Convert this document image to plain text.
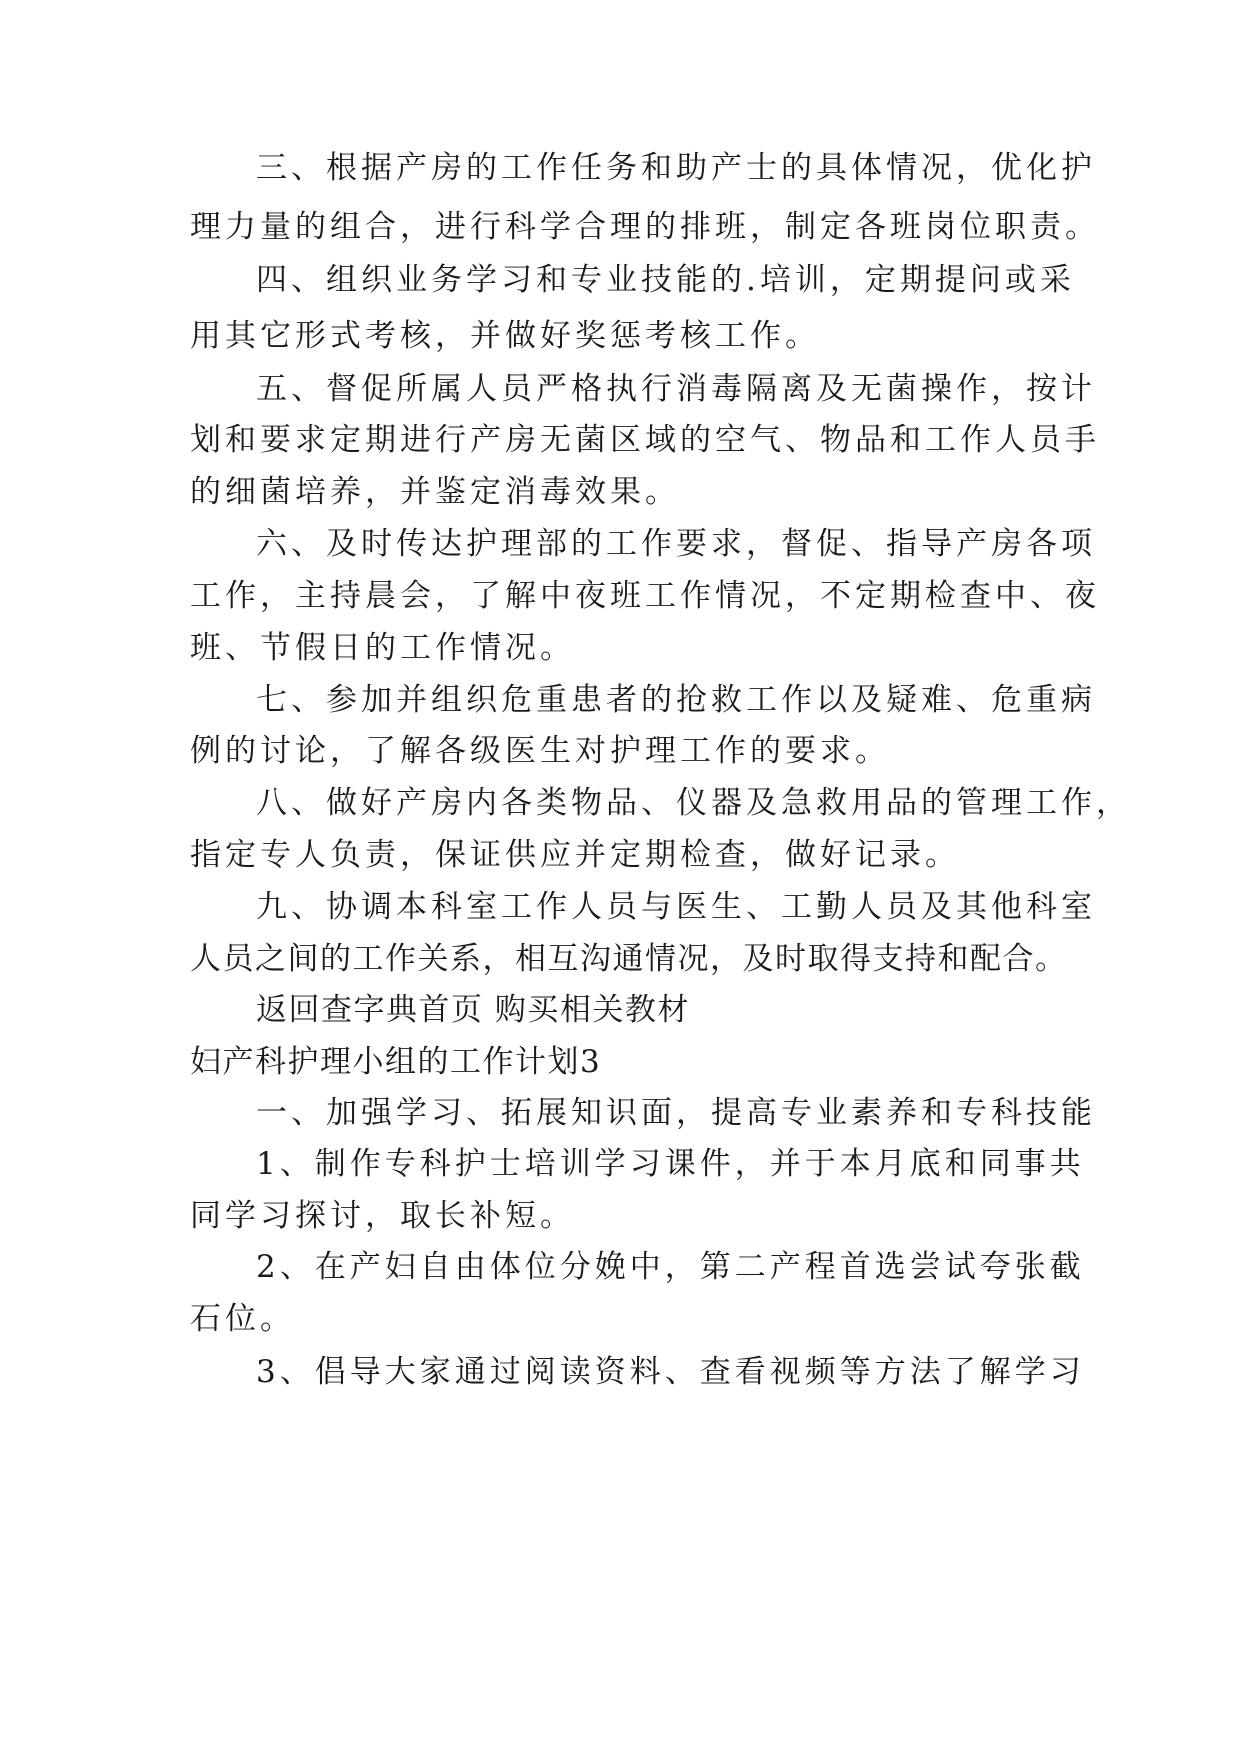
三、根据产房的工作任务和助产士的具体情况，优化护
理力量的组合，进行科学合理的排班，制定各班岗位职责。
四、组织业务学习和专业技能的.培训，定期提问或采
用其它形式考核，并做好奖惩考核工作。
五、督促所属人员严格执行消毒隔离及无菌操作，按计
划和要求定期进行产房无菌区域的空气、物品和工作人员手
的细菌培养，并鉴定消毒效果。
六、及时传达护理部的工作要求，督促、指导产房各项
工作，主持晨会，了解中夜班工作情况，不定期检查中、夜
班、节假日的工作情况。
七、参加并组织危重患者的抢救工作以及疑难、危重病
例的讨论，了解各级医生对护理工作的要求。
八、做好产房内各类物品、仪器及急救用品的管理工作，
指定专人负责，保证供应并定期检查，做好记录。
九、协调本科室工作人员与医生、工勤人员及其他科室
人员之间的工作关系，相互沟通情况，及时取得支持和配合。
返回查字典首页 购买相关教材
妇产科护理小组的工作计划3
一、加强学习、拓展知识面，提高专业素养和专科技能
1、制作专科护士培训学习课件，并于本月底和同事共
同学习探讨，取长补短。
2、在产妇自由体位分娩中，第二产程首选尝试夸张截
石位。
3、倡导大家通过阅读资料、查看视频等方法了解学习
